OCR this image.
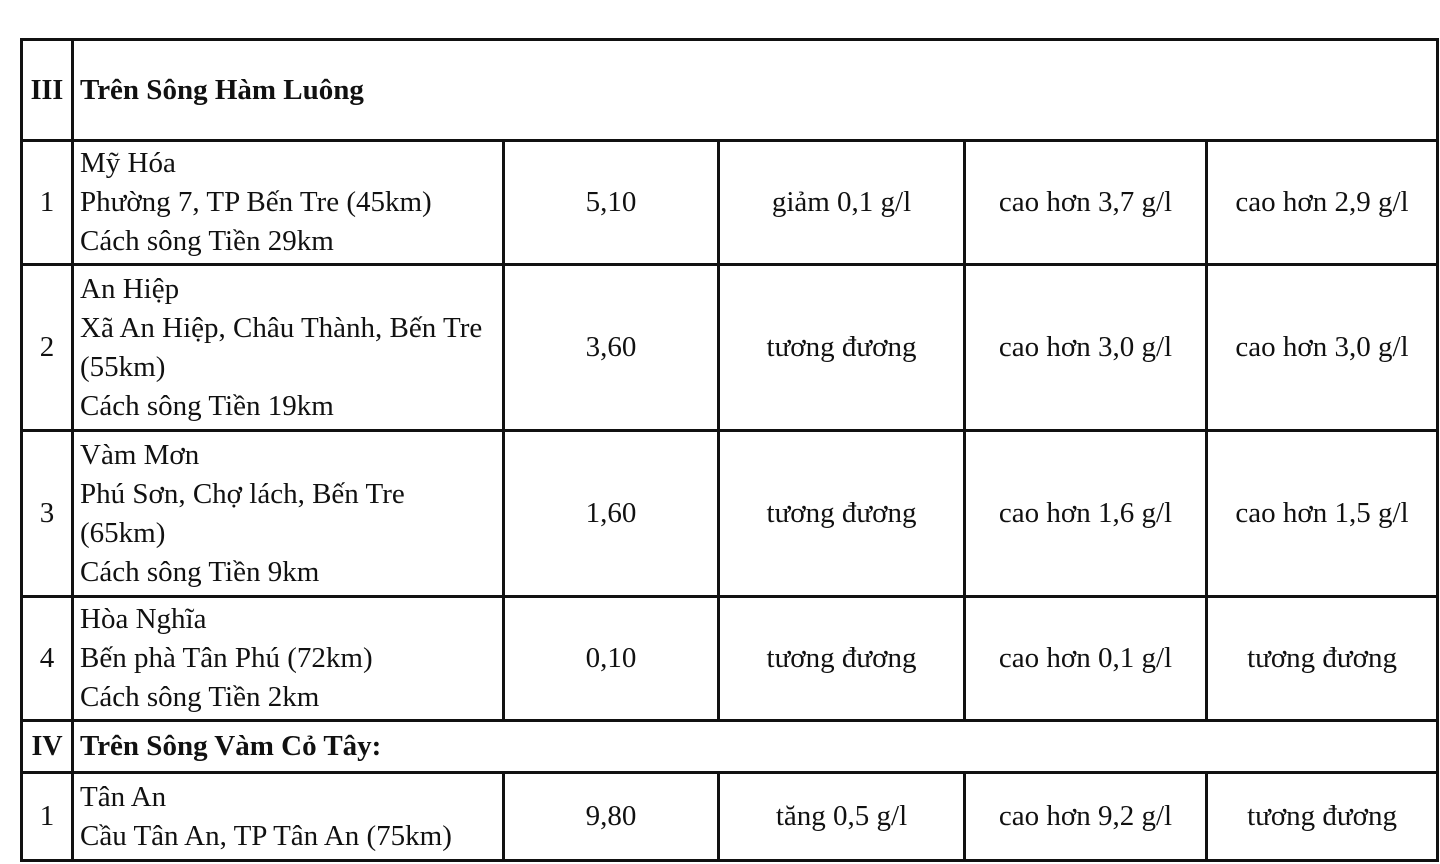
III	Trên Sông Hàm Luông				
1	Mỹ Hóa
Phường 7, TP Bến Tre (45km)
Cách sông Tiền 29km	5,10	giảm 0,1 g/l	cao hơn 3,7 g/l	cao hơn 2,9 g/l
2	An Hiệp
Xã An Hiệp, Châu Thành, Bến Tre (55km)
Cách sông Tiền 19km	3,60	tương đương	cao hơn 3,0 g/l	cao hơn 3,0 g/l
3	Vàm Mơn
Phú Sơn, Chợ lách, Bến Tre (65km)
Cách sông Tiền 9km	1,60	tương đương	cao hơn 1,6 g/l	cao hơn 1,5 g/l
4	Hòa Nghĩa
Bến phà Tân Phú (72km)
Cách sông Tiền 2km	0,10	tương đương	cao hơn 0,1 g/l	tương đương
IV	Trên Sông Vàm Cỏ Tây:				
1	Tân An
Cầu Tân An, TP Tân An (75km)	9,80	tăng 0,5 g/l	cao hơn 9,2 g/l	tương đương
